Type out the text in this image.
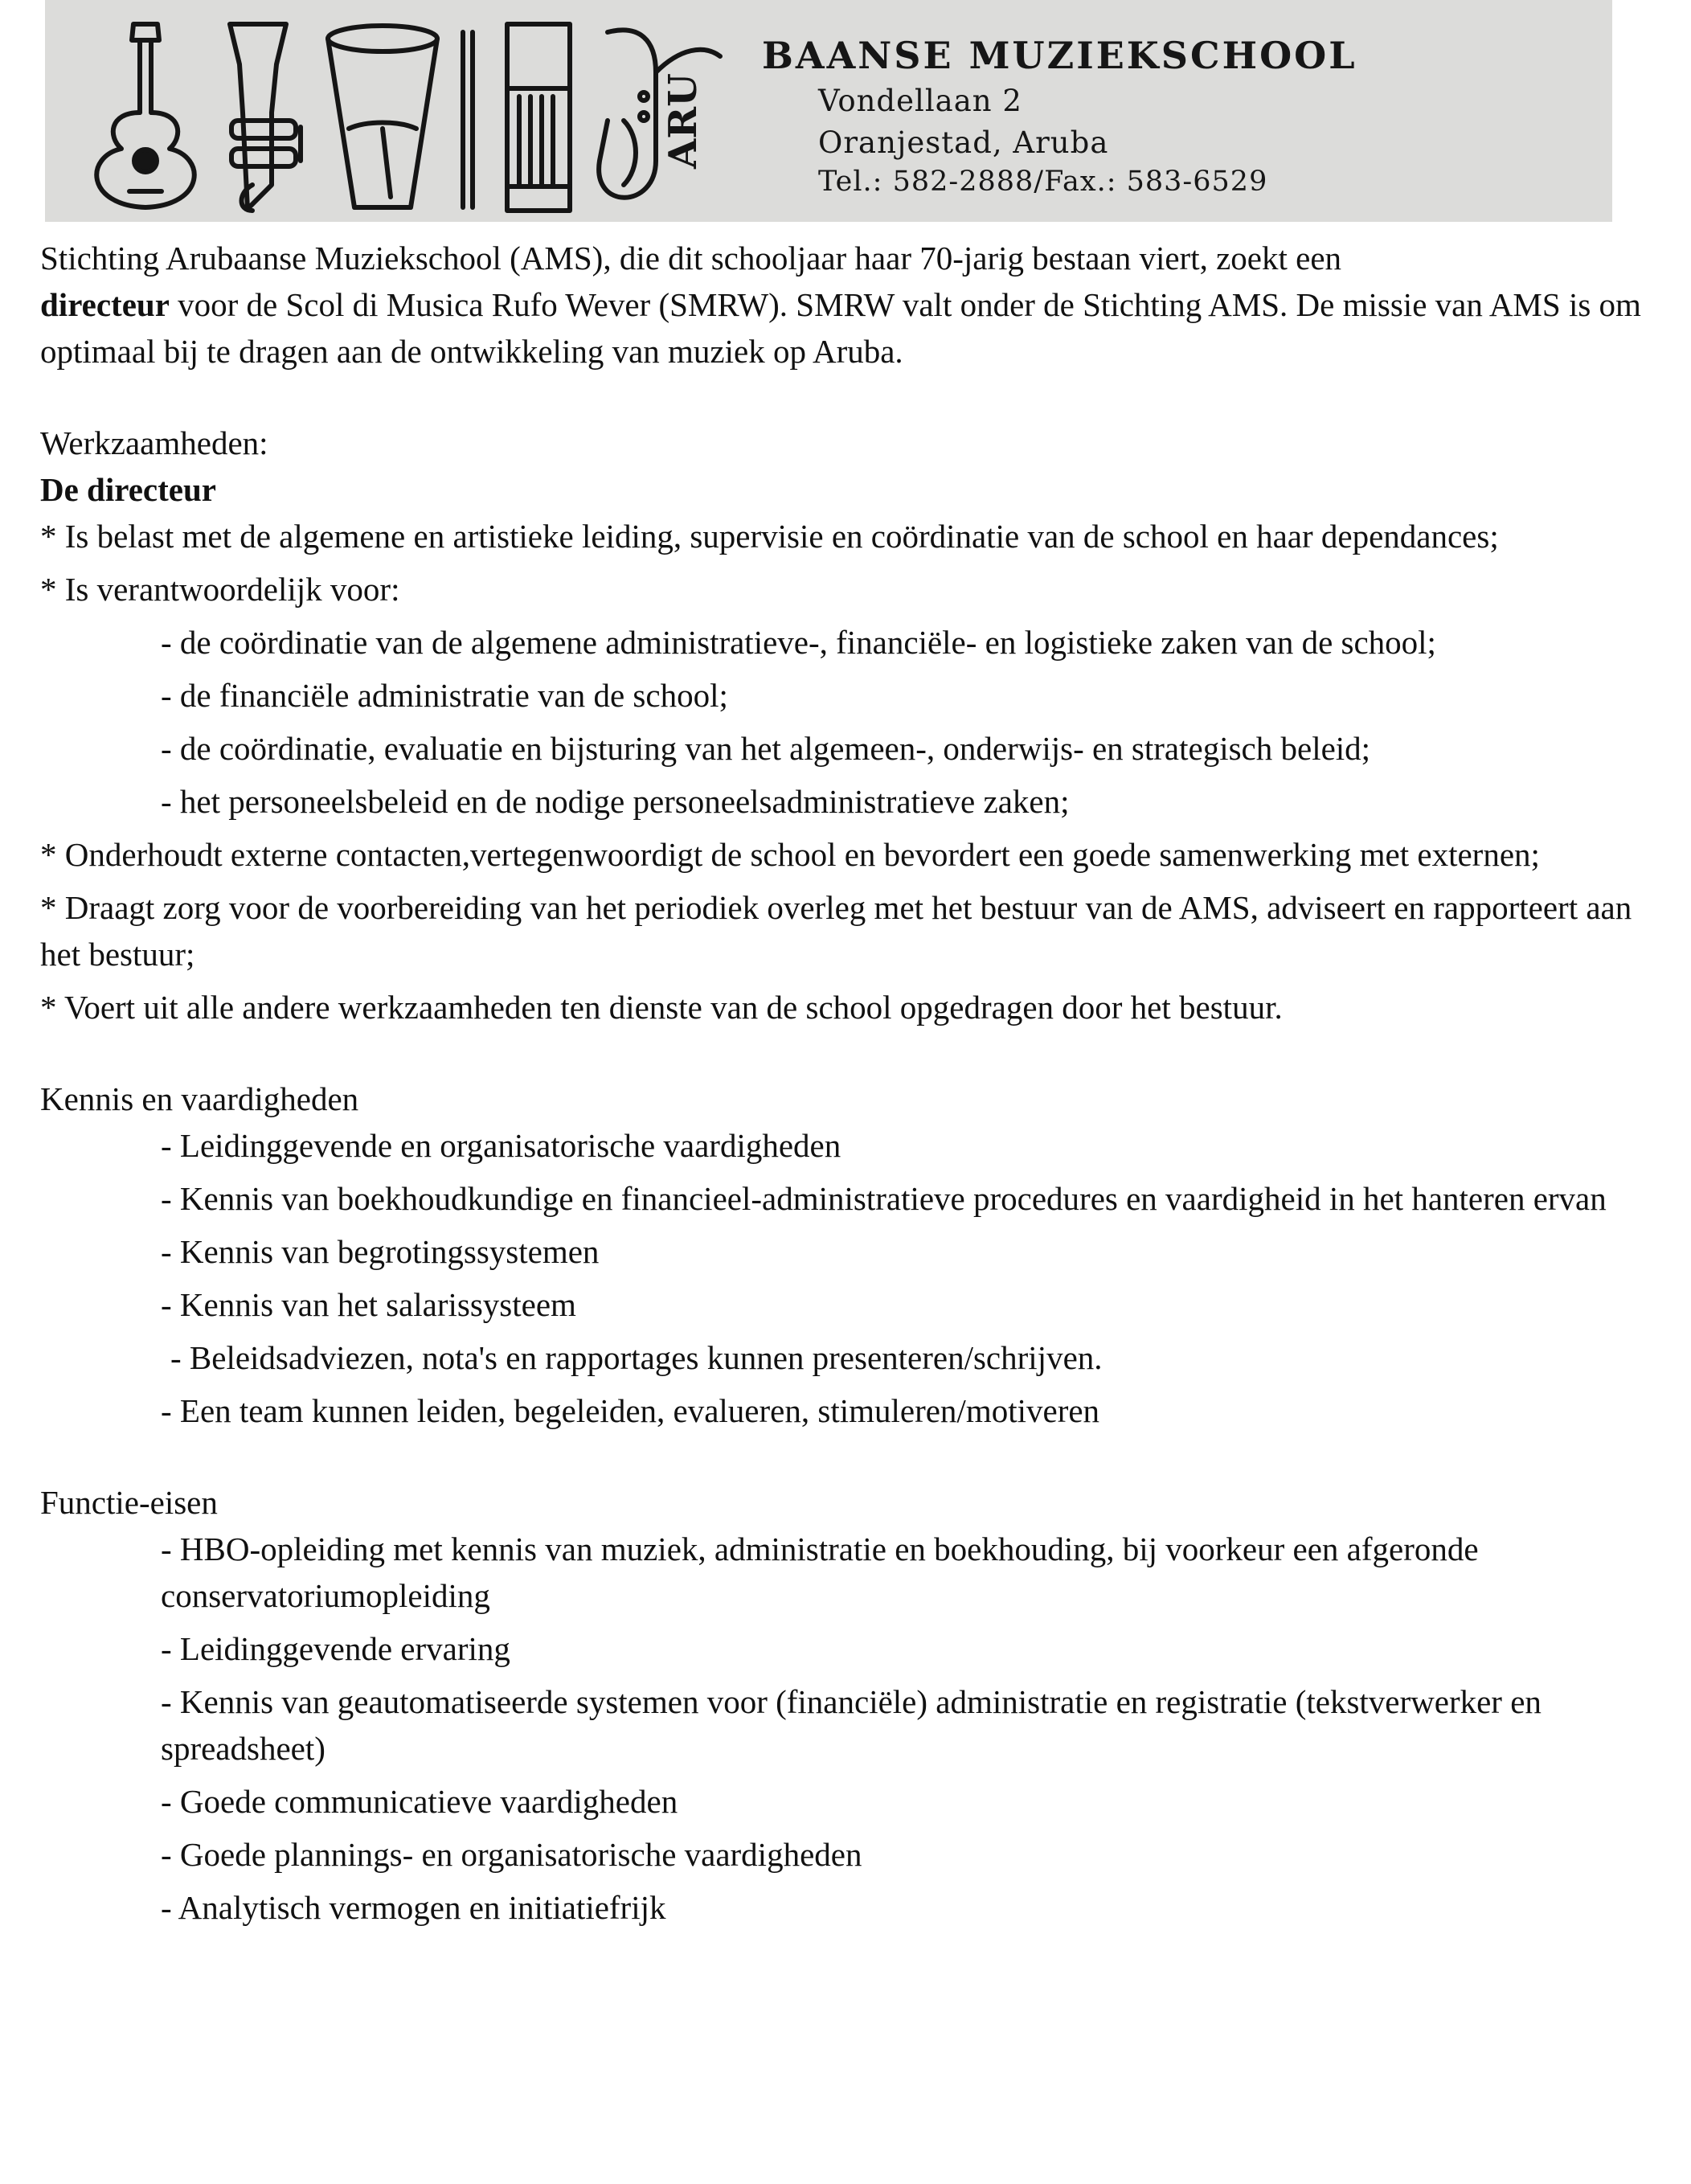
ARU
BAANSE MUZIEKSCHOOL
Vondellaan 2
Oranjestad, Aruba
Tel.: 582-2888/Fax.: 583-6529

Stichting Arubaanse Muziekschool (AMS), die dit schooljaar haar 70-jarig bestaan viert, zoekt een
directeur voor de Scol di Musica Rufo Wever (SMRW). SMRW valt onder de Stichting AMS. De missie van AMS is om optimaal bij te dragen aan de ontwikkeling van muziek op Aruba.

Werkzaamheden:

De directeur

* Is belast met de algemene en artistieke leiding, supervisie en coördinatie van de school en haar dependances;

* Is verantwoordelijk voor:

- de coördinatie van de algemene administratieve-, financiële- en logistieke zaken van de school;

- de financiële administratie van de school;

- de coördinatie, evaluatie en bijsturing van het algemeen-, onderwijs- en strategisch beleid;

- het personeelsbeleid en de nodige personeelsadministratieve zaken;

* Onderhoudt externe contacten,vertegenwoordigt de school en bevordert een goede samenwerking met externen;

* Draagt zorg voor de voorbereiding van het periodiek overleg met het bestuur van de AMS, adviseert en rapporteert aan het bestuur;

* Voert uit alle andere werkzaamheden ten dienste van de school opgedragen door het bestuur.

Kennis en vaardigheden

- Leidinggevende en organisatorische vaardigheden

- Kennis van boekhoudkundige en financieel-administratieve procedures en vaardigheid in het hanteren ervan

- Kennis van begrotingssystemen

- Kennis van het salarissysteem

- Beleidsadviezen, nota's en rapportages kunnen presenteren/schrijven.

- Een team kunnen leiden, begeleiden, evalueren, stimuleren/motiveren

Functie-eisen

- HBO-opleiding met kennis van muziek, administratie en boekhouding, bij voorkeur een afgeronde conservatoriumopleiding

- Leidinggevende ervaring

- Kennis van geautomatiseerde systemen voor (financiële) administratie en registratie (tekstverwerker en spreadsheet)

- Goede communicatieve vaardigheden

- Goede plannings- en organisatorische vaardigheden

- Analytisch vermogen en initiatiefrijk
